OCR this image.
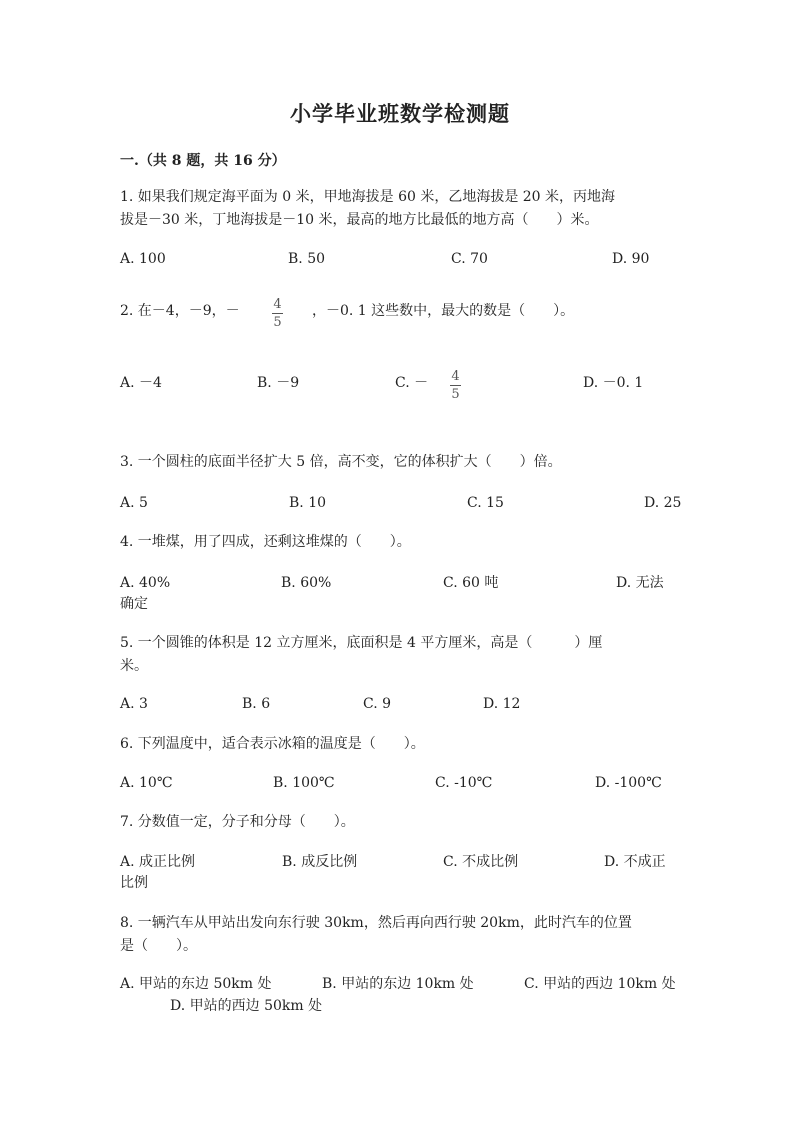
小学毕业班数学检测题
一.（共 8 题，共 16 分）
1. 如果我们规定海平面为 0 米，甲地海拔是 60 米，乙地海拔是 20 米，丙地海
拔是－30 米，丁地海拔是－10 米，最高的地方比最低的地方高（　　）米。
A. 100	B. 50	C. 70	D. 90
2. 在－4，－9，－	4
5
，－0. 1 这些数中，最大的数是（　　）。
A. －4	B. －9	C. － 4
5
D. －0. 1
3. 一个圆柱的底面半径扩大 5 倍，高不变，它的体积扩大（　　）倍。
A. 5	B. 10	C. 15	D. 25
4. 一堆煤，用了四成，还剩这堆煤的（　　）。
A. 40%	B. 60%	C. 60 吨	D. 无法
确定
5. 一个圆锥的体积是 12 立方厘米，底面积是 4 平方厘米，高是（　　　）厘
米。
A. 3	B. 6	C. 9	D. 12
6. 下列温度中，适合表示冰箱的温度是（　　）。
A. 10℃	B. 100℃	C. -10℃	D. -100℃
7. 分数值一定，分子和分母（　　）。
A. 成正比例	B. 成反比例	C. 不成比例	D. 不成正
比例
8. 一辆汽车从甲站出发向东行驶 30km，然后再向西行驶 20km，此时汽车的位置
是（　　）。
A. 甲站的东边 50km 处	B. 甲站的东边 10km 处	C. 甲站的西边 10km 处
D. 甲站的西边 50km 处
